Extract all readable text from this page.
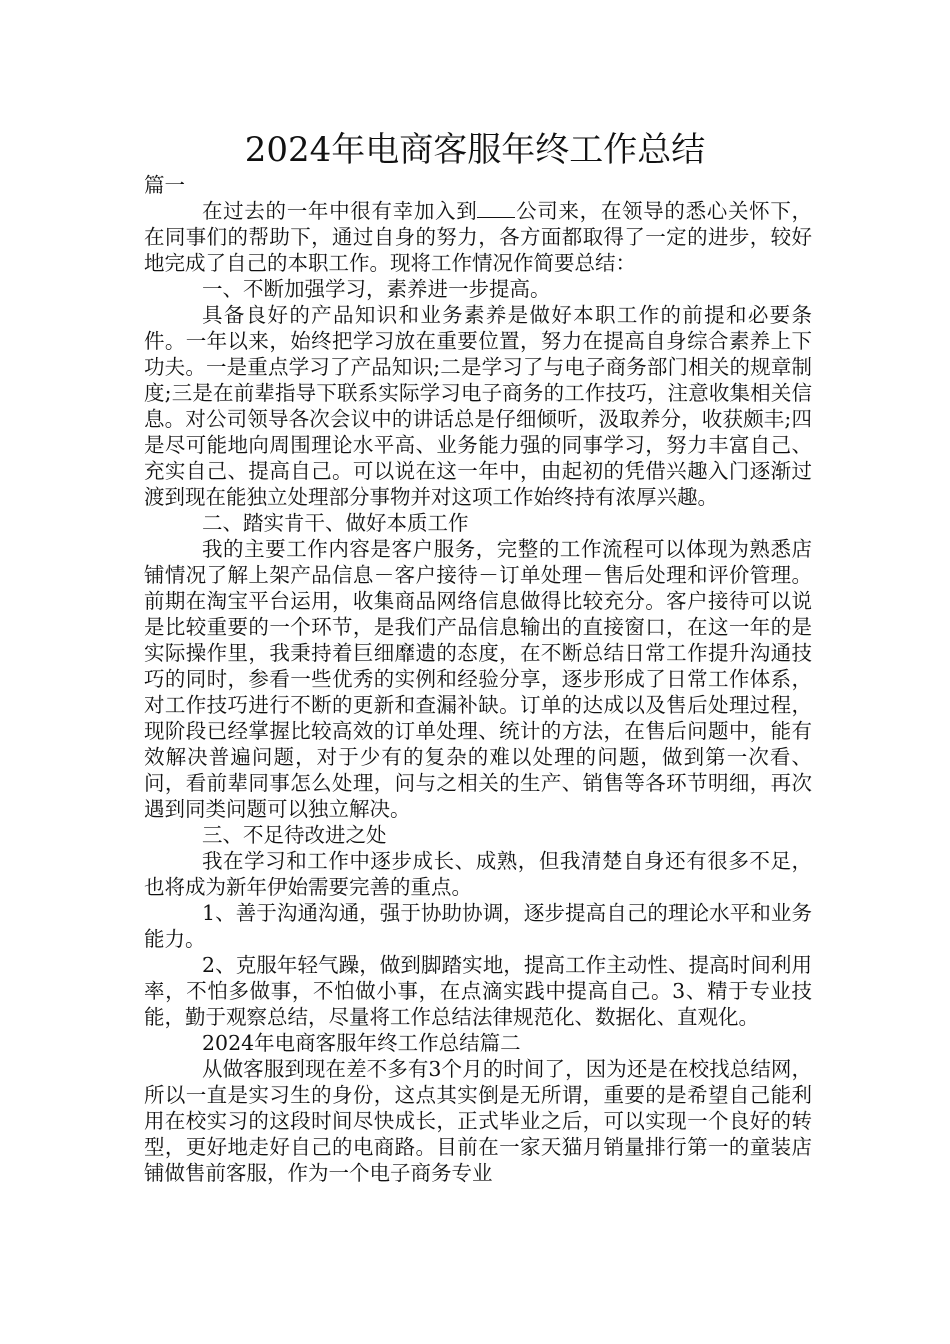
2024年电商客服年终工作总结

篇一

在过去的一年中很有幸加入到 公司来，在领导的悉心关怀下，在同事们的帮助下，通过自身的努力，各方面都取得了一定的进步，较好地完成了自己的本职工作。现将工作情况作简要总结：

一、不断加强学习，素养进一步提高。

具备良好的产品知识和业务素养是做好本职工作的前提和必要条件。一年以来，始终把学习放在重要位置，努力在提高自身综合素养上下功夫。一是重点学习了产品知识;二是学习了与电子商务部门相关的规章制度;三是在前辈指导下联系实际学习电子商务的工作技巧，注意收集相关信息。对公司领导各次会议中的讲话总是仔细倾听，汲取养分，收获颇丰;四是尽可能地向周围理论水平高、业务能力强的同事学习，努力丰富自己、充实自己、提高自己。可以说在这一年中，由起初的凭借兴趣入门逐渐过渡到现在能独立处理部分事物并对这项工作始终持有浓厚兴趣。

二、踏实肯干、做好本质工作

我的主要工作内容是客户服务，完整的工作流程可以体现为熟悉店铺情况了解上架产品信息－客户接待－订单处理－售后处理和评价管理。前期在淘宝平台运用，收集商品网络信息做得比较充分。客户接待可以说是比较重要的一个环节，是我们产品信息输出的直接窗口，在这一年的是实际操作里，我秉持着巨细靡遗的态度，在不断总结日常工作提升沟通技巧的同时，参看一些优秀的实例和经验分享，逐步形成了日常工作体系，对工作技巧进行不断的更新和查漏补缺。订单的达成以及售后处理过程，现阶段已经掌握比较高效的订单处理、统计的方法，在售后问题中，能有效解决普遍问题，对于少有的复杂的难以处理的问题，做到第一次看、问，看前辈同事怎么处理，问与之相关的生产、销售等各环节明细，再次遇到同类问题可以独立解决。

三、不足待改进之处

我在学习和工作中逐步成长、成熟，但我清楚自身还有很多不足，也将成为新年伊始需要完善的重点。

1、善于沟通沟通，强于协助协调，逐步提高自己的理论水平和业务能力。

2、克服年轻气躁，做到脚踏实地，提高工作主动性、提高时间利用率，不怕多做事，不怕做小事，在点滴实践中提高自己。3、精于专业技能，勤于观察总结，尽量将工作总结法律规范化、数据化、直观化。

2024年电商客服年终工作总结篇二

从做客服到现在差不多有3个月的时间了，因为还是在校找总结网，所以一直是实习生的身份，这点其实倒是无所谓，重要的是希望自己能利用在校实习的这段时间尽快成长，正式毕业之后，可以实现一个良好的转型，更好地走好自己的电商路。目前在一家天猫月销量排行第一的童装店铺做售前客服，作为一个电子商务专业
